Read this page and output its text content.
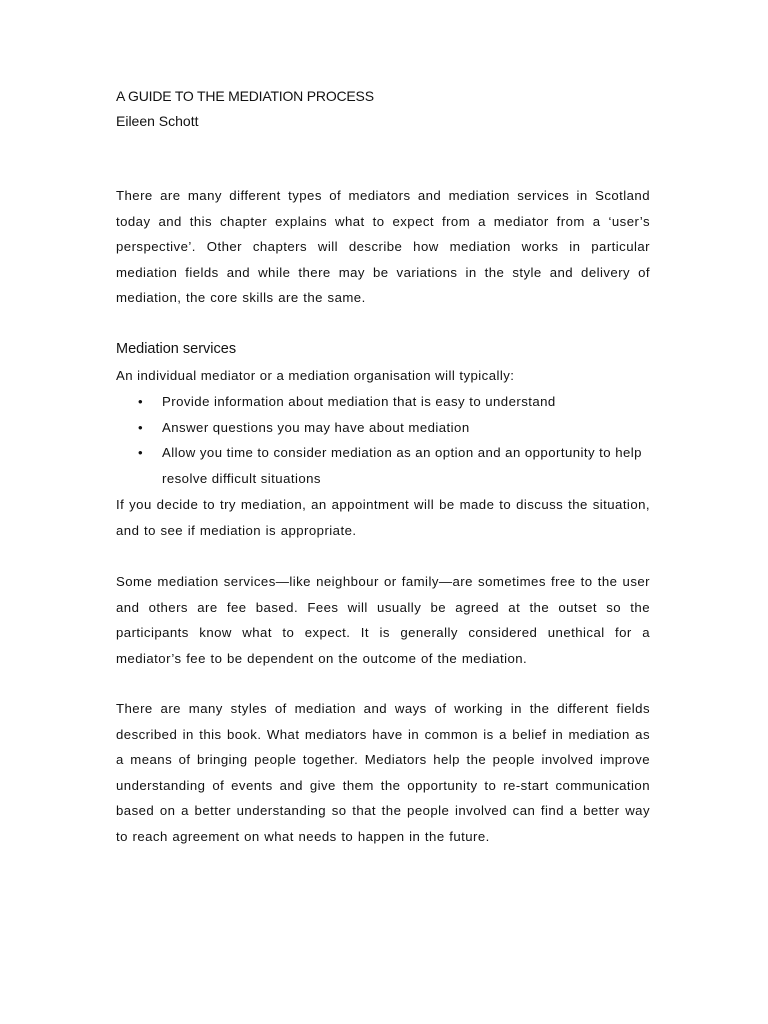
A GUIDE TO THE MEDIATION PROCESS
Eileen Schott

There are many different types of mediators and mediation services in Scotland today and this chapter explains what to expect from a mediator from a ‘user’s perspective’. Other chapters will describe how mediation works in particular mediation fields and while there may be variations in the style and delivery of mediation, the core skills are the same.

Mediation services
An individual mediator or a mediation organisation will typically:
• Provide information about mediation that is easy to understand
• Answer questions you may have about mediation
• Allow you time to consider mediation as an option and an opportunity to help resolve difficult situations

If you decide to try mediation, an appointment will be made to discuss the situation, and to see if mediation is appropriate.

Some mediation services—like neighbour or family—are sometimes free to the user and others are fee based. Fees will usually be agreed at the outset so the participants know what to expect. It is generally considered unethical for a mediator’s fee to be dependent on the outcome of the mediation.

There are many styles of mediation and ways of working in the different fields described in this book. What mediators have in common is a belief in mediation as a means of bringing people together. Mediators help the people involved improve understanding of events and give them the opportunity to re-start communication based on a better understanding so that the people involved can find a better way to reach agreement on what needs to happen in the future.
